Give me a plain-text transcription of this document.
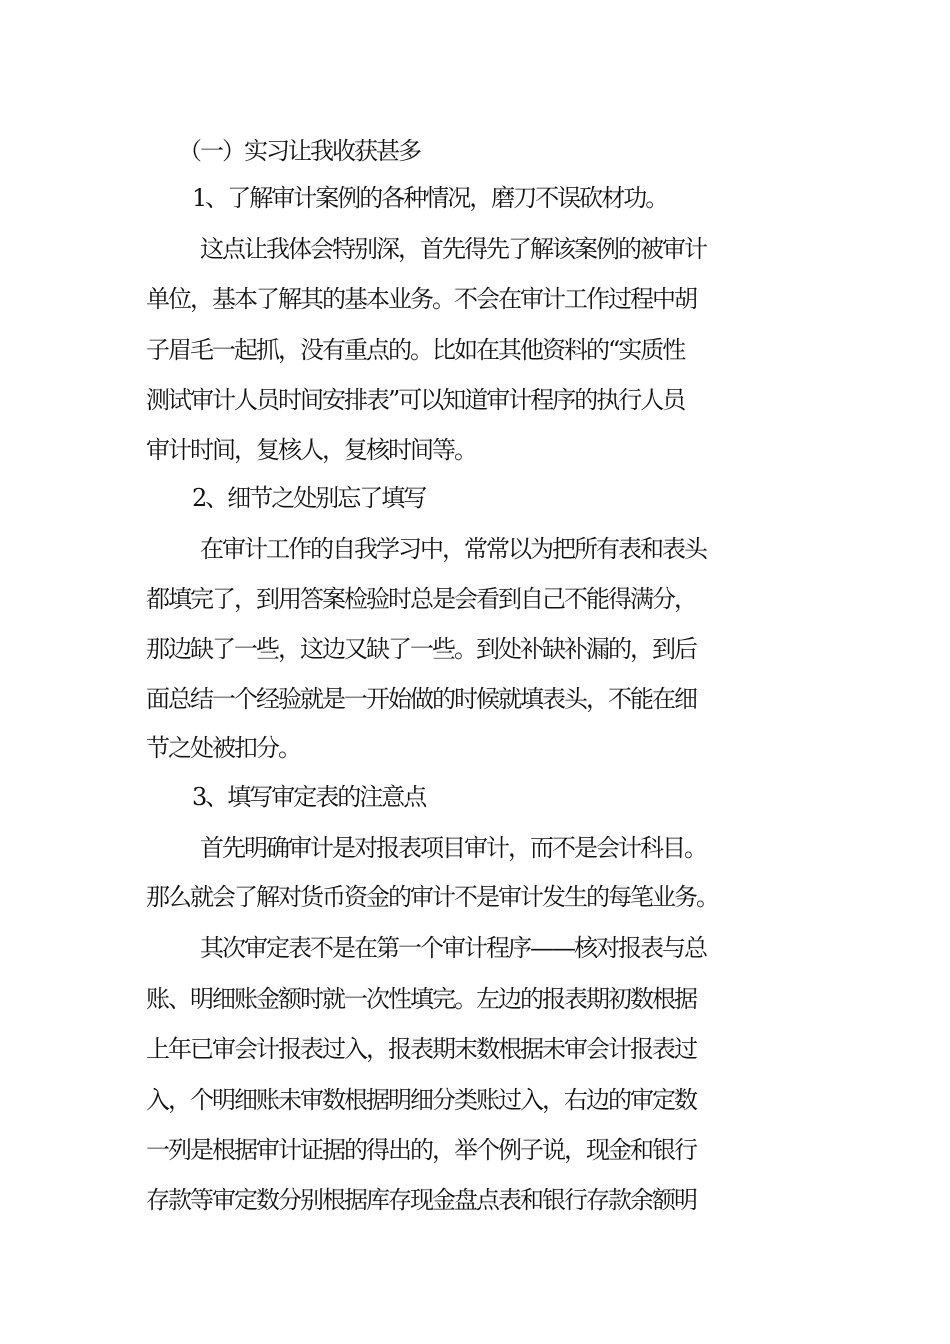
（一）实习让我收获甚多
1、了解审计案例的各种情况，磨刀不误砍材功。
这点让我体会特别深，首先得先了解该案例的被审计
单位，基本了解其的基本业务。不会在审计工作过程中胡
子眉毛一起抓，没有重点的。比如在其他资料的“实质性
测试审计人员时间安排表”可以知道审计程序的执行人员
审计时间，复核人，复核时间等。
2、细节之处别忘了填写
在审计工作的自我学习中，常常以为把所有表和表头
都填完了，到用答案检验时总是会看到自己不能得满分，
那边缺了一些，这边又缺了一些。到处补缺补漏的，到后
面总结一个经验就是一开始做的时候就填表头，不能在细
节之处被扣分。
3、填写审定表的注意点
首先明确审计是对报表项目审计，而不是会计科目。
那么就会了解对货币资金的审计不是审计发生的每笔业务。
其次审定表不是在第一个审计程序——核对报表与总
账、明细账金额时就一次性填完。左边的报表期初数根据
上年已审会计报表过入，报表期末数根据未审会计报表过
入，个明细账未审数根据明细分类账过入，右边的审定数
一列是根据审计证据的得出的，举个例子说，现金和银行
存款等审定数分别根据库存现金盘点表和银行存款余额明
